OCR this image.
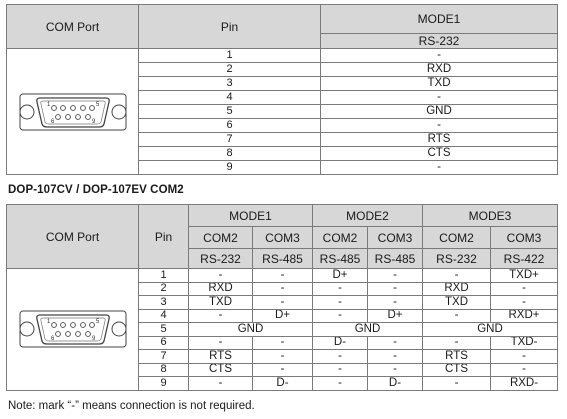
COM Port	Pin	MODE1
		RS-232

1 5
6 9	1	-
	2	RXD
	3	TXD
	4	-
	5	GND
	6	-
	7	RTS
	8	CTS
	9	-
DOP-107CV / DOP-107EV COM2
COM Port	Pin	MODE1		MODE2		MODE3	
		COM2	COM3	COM2	COM3	COM2	COM3
		RS-232	RS-485	RS-485	RS-485	RS-232	RS-422

1 5
6 9	1	-	-	D+	-	-	TXD+
	2	RXD	-	-	-	RXD	-
	3	TXD	-	-	-	TXD	-
	4	-	D+	-	D+	-	RXD+
	5	GND		GND		GND	
	6	-	-	D-	-	-	TXD-
	7	RTS	-	-	-	RTS	-
	8	CTS	-	-	-	CTS	-
	9	-	D-	-	D-	-	RXD-
Note: mark “-” means connection is not required.
